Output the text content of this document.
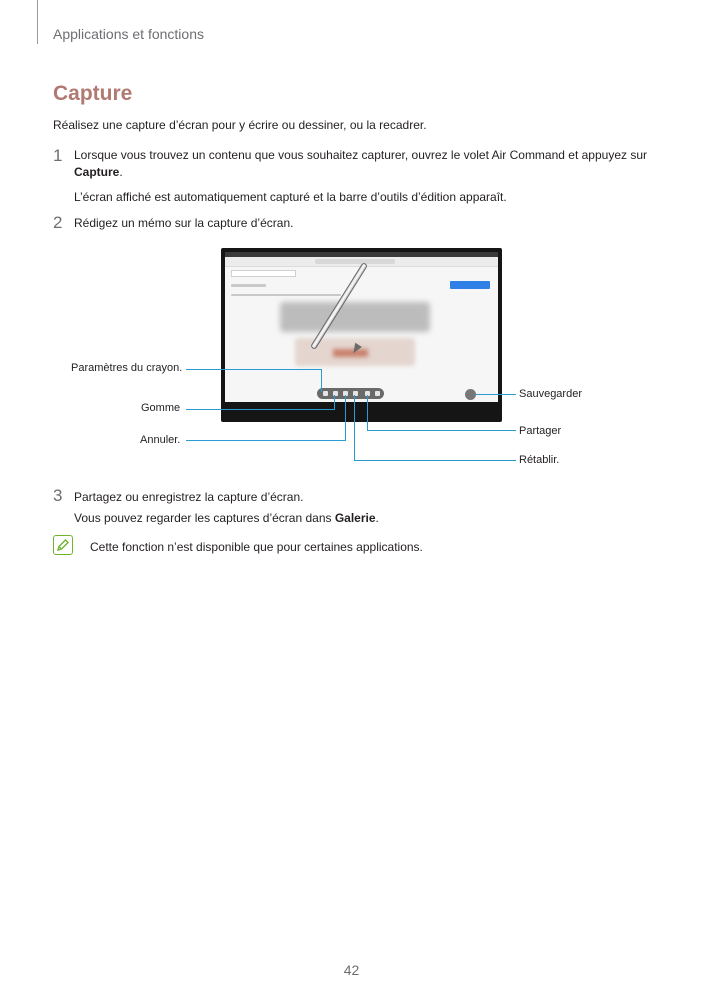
Applications et fonctions
Capture
Réalisez une capture d’écran pour y écrire ou dessiner, ou la recadrer.
1 Lorsque vous trouvez un contenu que vous souhaitez capturer, ouvrez le volet Air Command et appuyez sur Capture.
L’écran affiché est automatiquement capturé et la barre d’outils d’édition apparaît.
2 Rédigez un mémo sur la capture d’écran.
Paramètres du crayon.
Gomme
Annuler.
Rétablir.
Partager
Sauvegarder
3 Partagez ou enregistrez la capture d’écran.
Vous pouvez regarder les captures d’écran dans Galerie.
Cette fonction n’est disponible que pour certaines applications.
42
